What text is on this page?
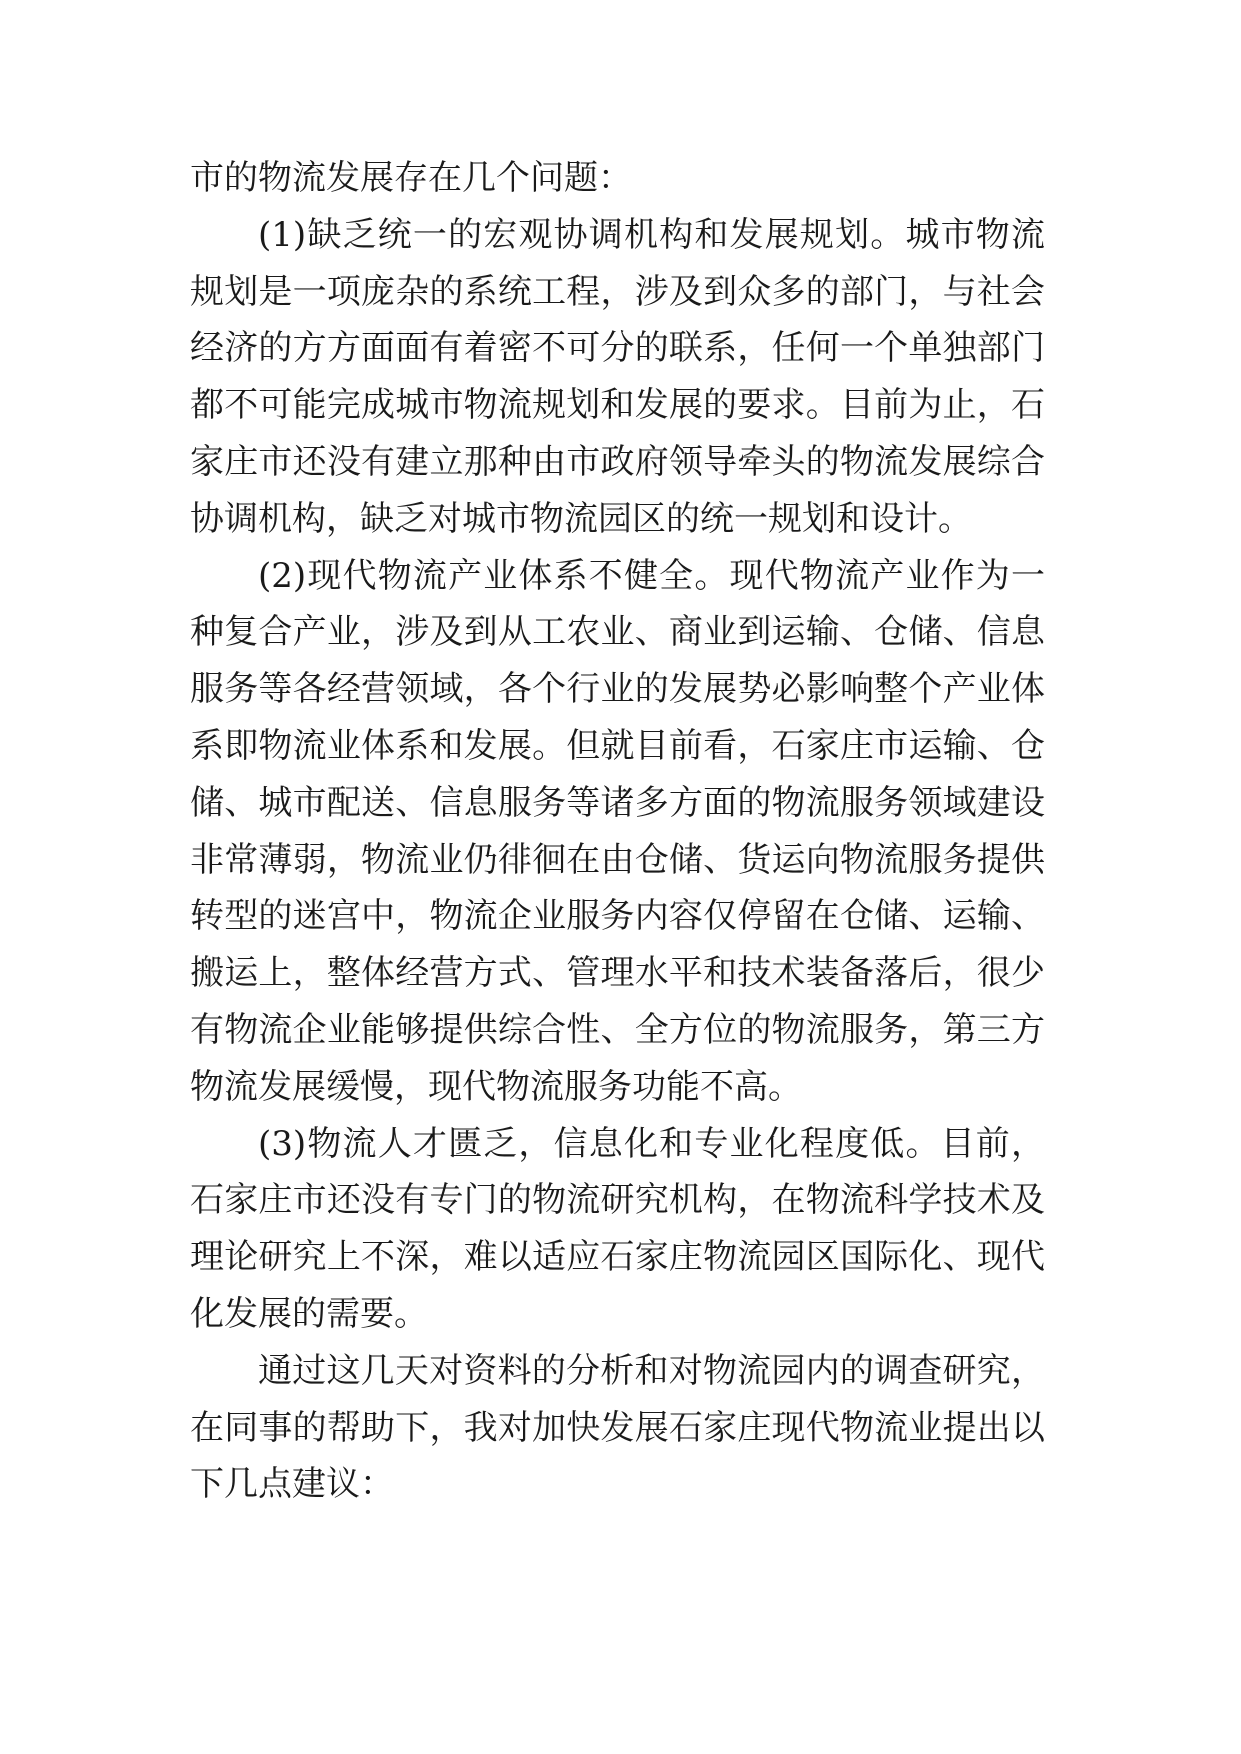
市的物流发展存在几个问题：

(1)缺乏统一的宏观协调机构和发展规划。城市物流规划是一项庞杂的系统工程，涉及到众多的部门，与社会经济的方方面面有着密不可分的联系，任何一个单独部门都不可能完成城市物流规划和发展的要求。目前为止，石家庄市还没有建立那种由市政府领导牵头的物流发展综合协调机构，缺乏对城市物流园区的统一规划和设计。

(2)现代物流产业体系不健全。现代物流产业作为一种复合产业，涉及到从工农业、商业到运输、仓储、信息服务等各经营领域，各个行业的发展势必影响整个产业体系即物流业体系和发展。但就目前看，石家庄市运输、仓储、城市配送、信息服务等诸多方面的物流服务领域建设非常薄弱，物流业仍徘徊在由仓储、货运向物流服务提供转型的迷宫中，物流企业服务内容仅停留在仓储、运输、搬运上，整体经营方式、管理水平和技术装备落后，很少有物流企业能够提供综合性、全方位的物流服务，第三方物流发展缓慢，现代物流服务功能不高。

(3)物流人才匮乏，信息化和专业化程度低。目前，石家庄市还没有专门的物流研究机构，在物流科学技术及理论研究上不深，难以适应石家庄物流园区国际化、现代化发展的需要。

通过这几天对资料的分析和对物流园内的调查研究，在同事的帮助下，我对加快发展石家庄现代物流业提出以下几点建议：
